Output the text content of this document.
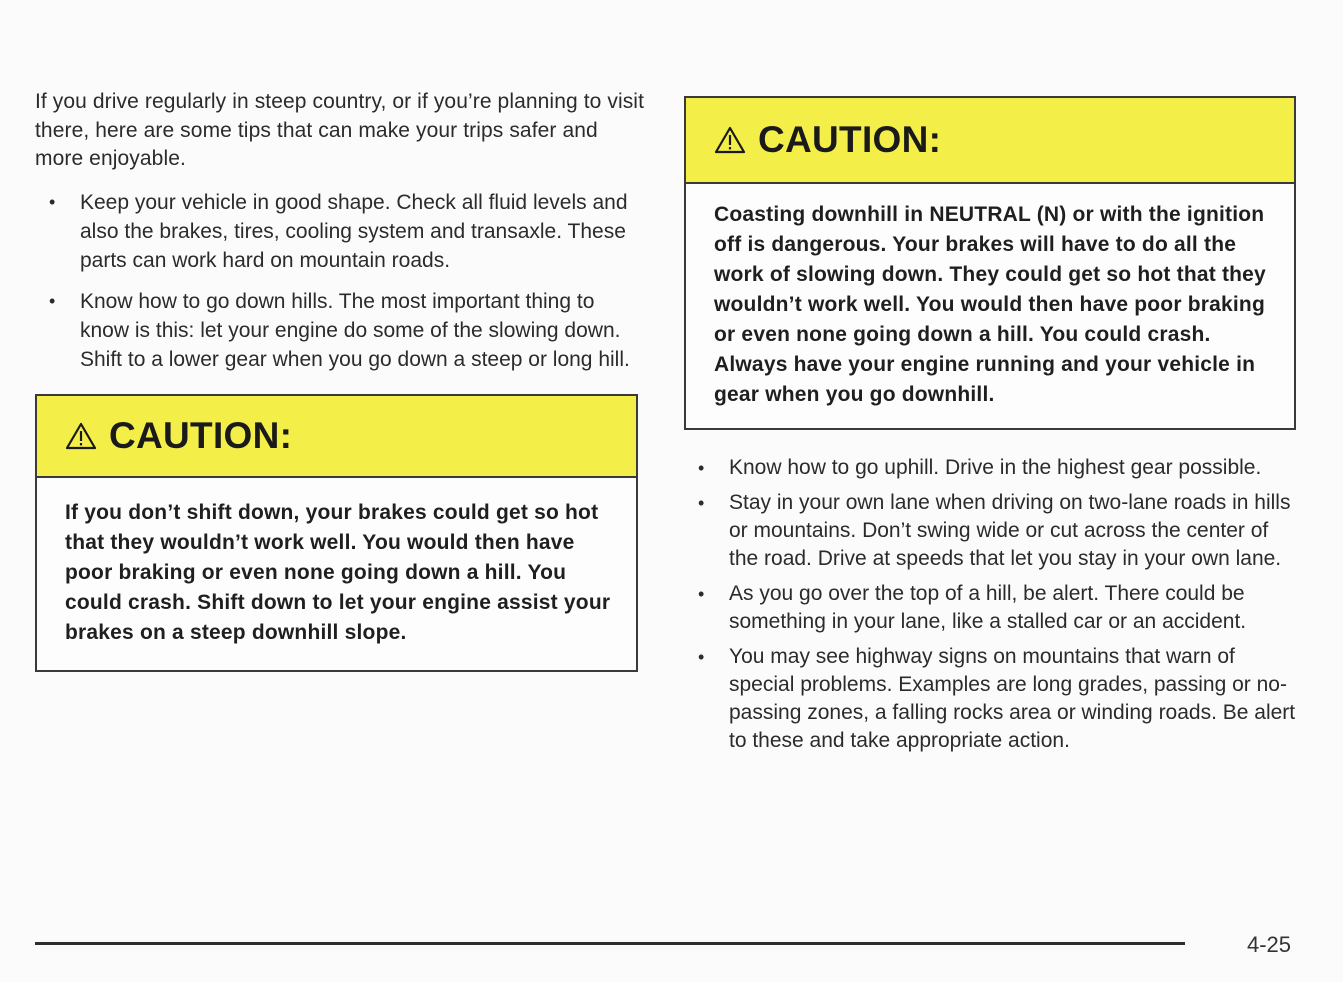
If you drive regularly in steep country, or if you’re planning to visit there, here are some tips that can make your trips safer and more enjoyable.

• Keep your vehicle in good shape. Check all fluid levels and also the brakes, tires, cooling system and transaxle. These parts can work hard on mountain roads.
• Know how to go down hills. The most important thing to know is this: let your engine do some of the slowing down. Shift to a lower gear when you go down a steep or long hill.
CAUTION:
If you don’t shift down, your brakes could get so hot that they wouldn’t work well. You would then have poor braking or even none going down a hill. You could crash. Shift down to let your engine assist your brakes on a steep downhill slope.
CAUTION:
Coasting downhill in NEUTRAL (N) or with the ignition off is dangerous. Your brakes will have to do all the work of slowing down. They could get so hot that they wouldn’t work well. You would then have poor braking or even none going down a hill. You could crash. Always have your engine running and your vehicle in gear when you go downhill.
• Know how to go uphill. Drive in the highest gear possible.
• Stay in your own lane when driving on two-lane roads in hills or mountains. Don’t swing wide or cut across the center of the road. Drive at speeds that let you stay in your own lane.
• As you go over the top of a hill, be alert. There could be something in your lane, like a stalled car or an accident.
• You may see highway signs on mountains that warn of special problems. Examples are long grades, passing or no-passing zones, a falling rocks area or winding roads. Be alert to these and take appropriate action.
4-25
